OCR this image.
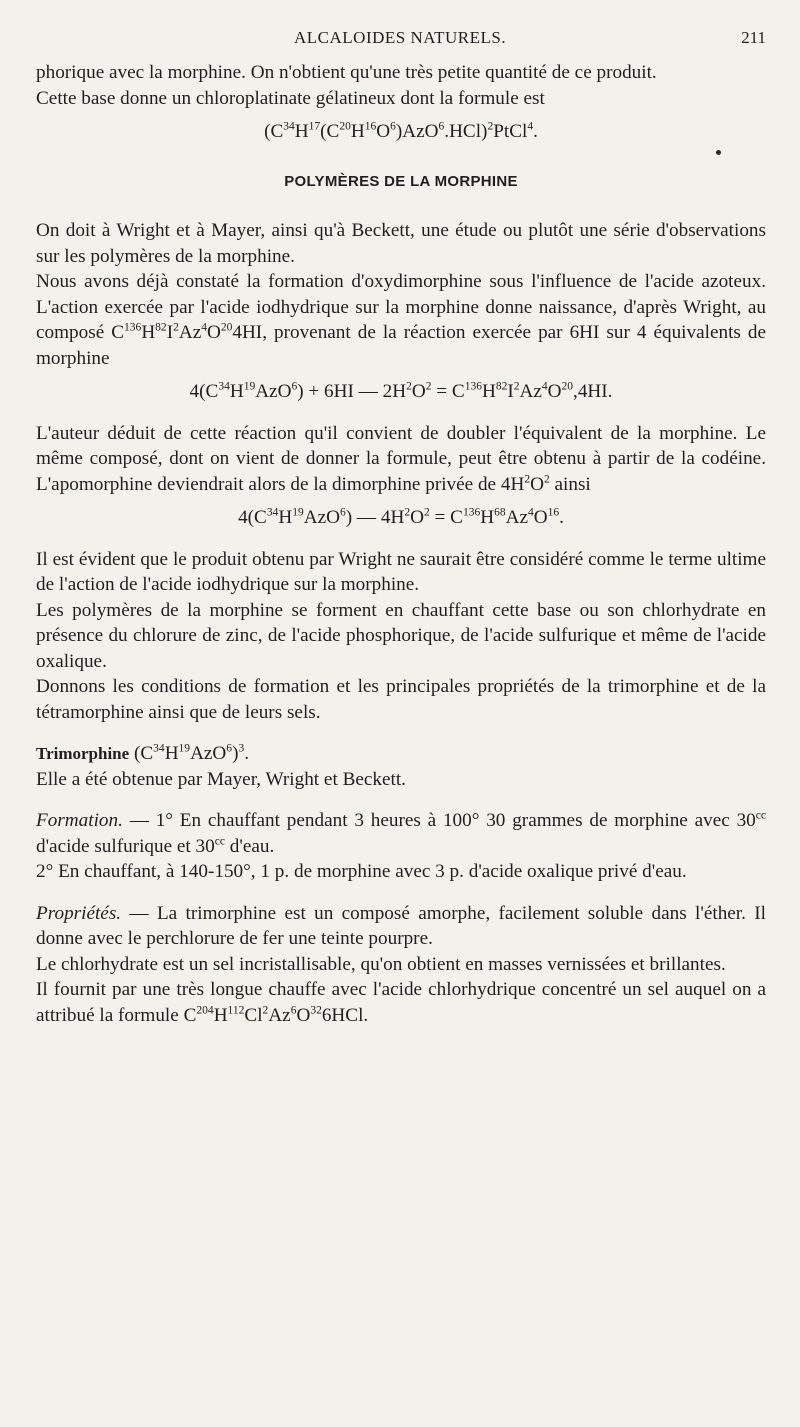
ALCALOIDES NATURELS.	211

phorique avec la morphine. On n'obtient qu'une très petite quantité de ce produit.

Cette base donne un chloroplatinate gélatineux dont la formule est

$(C^{34}H^{17}(C^{20}H^{16}O^6)AzO^6.HCl)^2PtCl^4$.
POLYMÈRES DE LA MORPHINE

On doit à Wright et à Mayer, ainsi qu'à Beckett, une étude ou plutôt une série d'observations sur les polymères de la morphine.

Nous avons déjà constaté la formation d'oxydimorphine sous l'influence de l'acide azoteux. L'action exercée par l'acide iodhydrique sur la morphine donne naissance, d'après Wright, au composé $C^{136}H^{82}I^2Az^4O^{20}4HI$, provenant de la réaction exercée par 6HI sur 4 équivalents de morphine

$4(C^{34}H^{19}AzO^6) + 6HI$ — $2H^2O^2 = C^{136}H^{82}I^2Az^4O^{20},4HI$.

L'auteur déduit de cette réaction qu'il convient de doubler l'équivalent de la morphine. Le même composé, dont on vient de donner la formule, peut être obtenu à partir de la codéine. L'apomorphine deviendrait alors de la dimorphine privée de $4H^2O^2$ ainsi

$4(C^{34}H^{19}AzO^6)$ — $4H^2O^2 = C^{136}H^{68}Az^4O^{16}$.

Il est évident que le produit obtenu par Wright ne saurait être considéré comme le terme ultime de l'action de l'acide iodhydrique sur la morphine.

Les polymères de la morphine se forment en chauffant cette base ou son chlorhydrate en présence du chlorure de zinc, de l'acide phosphorique, de l'acide sulfurique et même de l'acide oxalique.

Donnons les conditions de formation et les principales propriétés de la trimorphine et de la tétramorphine ainsi que de leurs sels.

Trimorphine $(C^{34}H^{19}AzO^6)^3$.

Elle a été obtenue par Mayer, Wright et Beckett.

Formation. — 1° En chauffant pendant 3 heures à 100° 30 grammes de morphine avec $30^{cc}$ d'acide sulfurique et $30^{cc}$ d'eau.

2° En chauffant, à 140-150°, 1 p. de morphine avec 3 p. d'acide oxalique privé d'eau.

Propriétés. — La trimorphine est un composé amorphe, facilement soluble dans l'éther. Il donne avec le perchlorure de fer une teinte pourpre.

Le chlorhydrate est un sel incristallisable, qu'on obtient en masses vernissées et brillantes.

Il fournit par une très longue chauffe avec l'acide chlorhydrique concentré un sel auquel on a attribué la formule $C^{204}H^{112}Cl^2Az^6O^{32}6HCl$.
